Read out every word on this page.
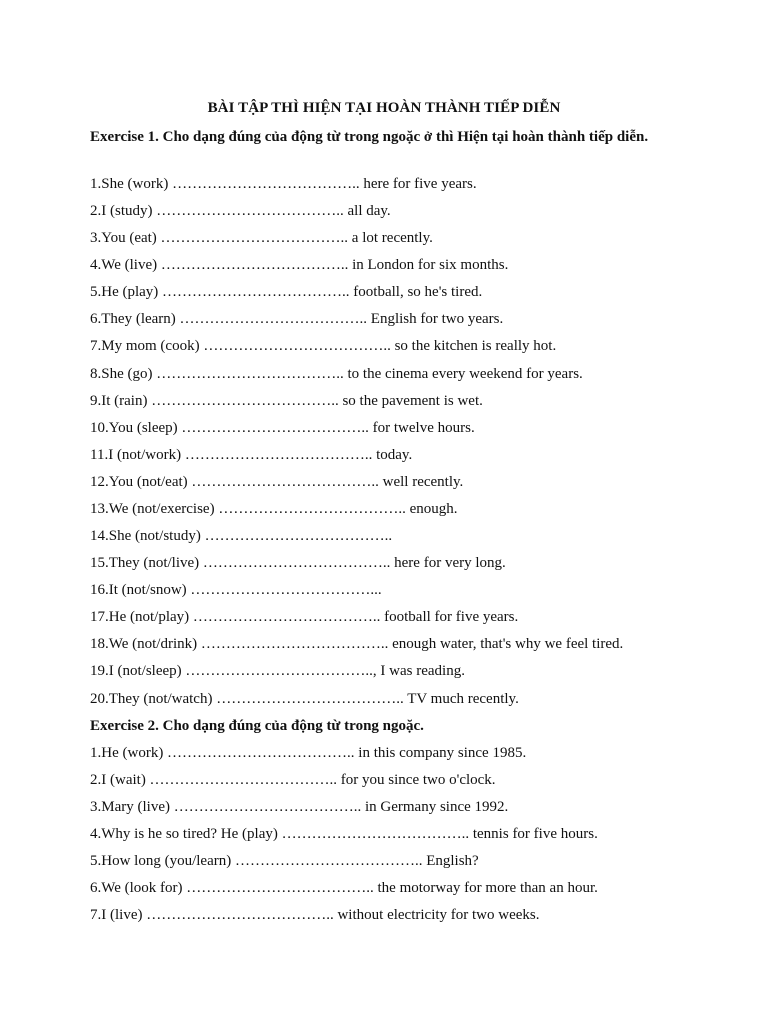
BÀI TẬP THÌ HIỆN TẠI HOÀN THÀNH TIẾP DIỄN
Exercise 1. Cho dạng đúng của động từ trong ngoặc ở thì Hiện tại hoàn thành tiếp diễn.
1.She (work) ……………………………….. here for five years.
2.I (study) ……………………………….. all day.
3.You (eat) ……………………………….. a lot recently.
4.We (live) ……………………………….. in London for six months.
5.He (play) ……………………………….. football, so he's tired.
6.They (learn) ……………………………….. English for two years.
7.My mom (cook) ……………………………….. so the kitchen is really hot.
8.She (go) ……………………………….. to the cinema every weekend for years.
9.It (rain) ……………………………….. so the pavement is wet.
10.You (sleep) ……………………………….. for twelve hours.
11.I (not/work) ……………………………….. today.
12.You (not/eat) ……………………………….. well recently.
13.We (not/exercise) ……………………………….. enough.
14.She (not/study) ………………………………..
15.They (not/live) ……………………………….. here for very long.
16.It (not/snow) ………………………………...
17.He (not/play) ……………………………….. football for five years.
18.We (not/drink) ……………………………….. enough water, that's why we feel tired.
19.I (not/sleep) ……………………………….., I was reading.
20.They (not/watch) ……………………………….. TV much recently.
Exercise 2. Cho dạng đúng của động từ trong ngoặc.
1.He (work) ……………………………….. in this company since 1985.
2.I (wait) ……………………………….. for you since two o'clock.
3.Mary (live) ……………………………….. in Germany since 1992.
4.Why is he so tired? He (play) ……………………………….. tennis for five hours.
5.How long (you/learn) ……………………………….. English?
6.We (look for) ……………………………….. the motorway for more than an hour.
7.I (live) ……………………………….. without electricity for two weeks.
